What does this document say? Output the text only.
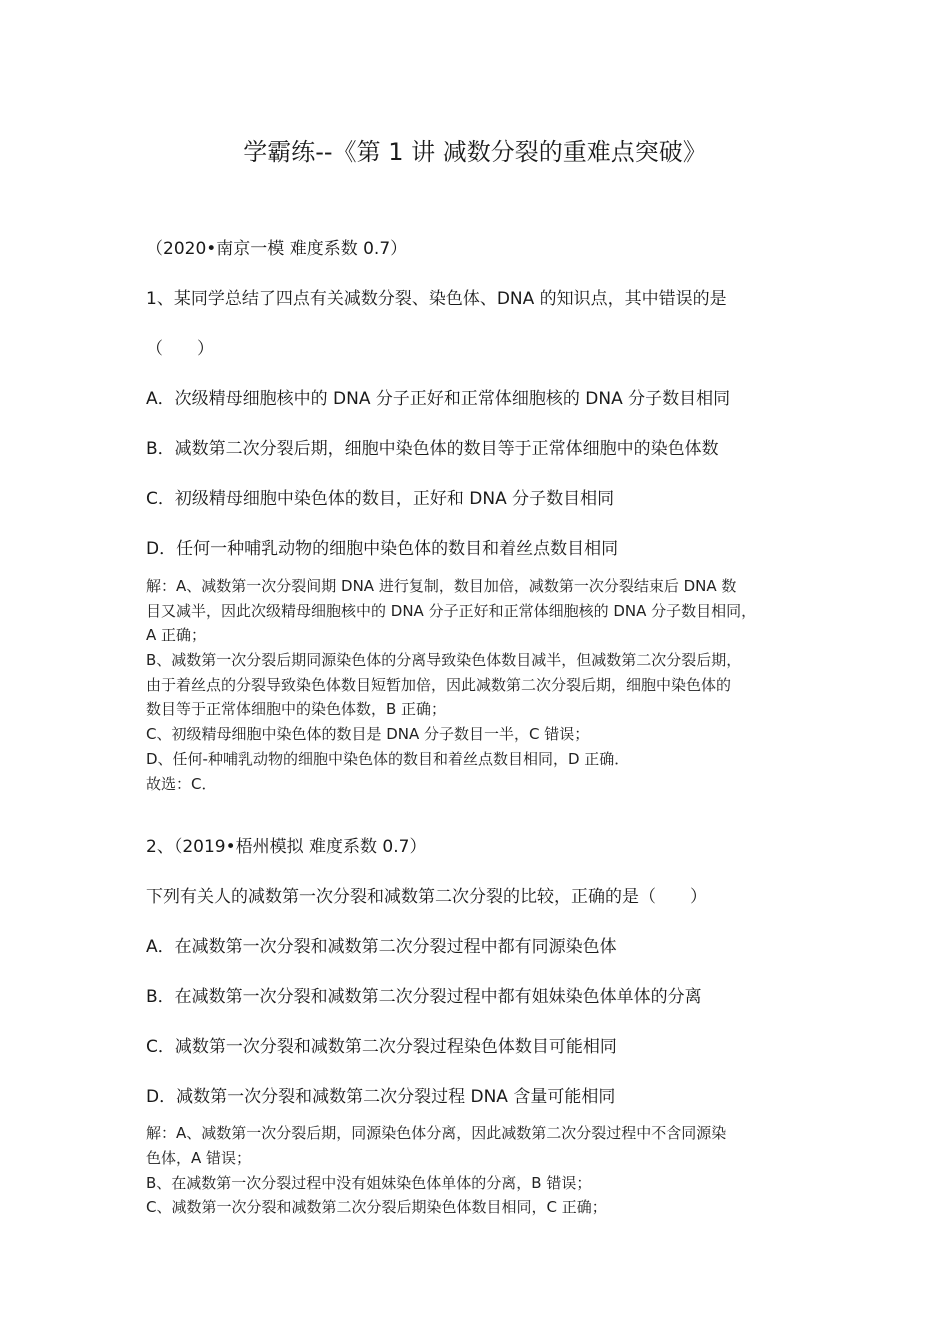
学霸练--《第 1 讲 减数分裂的重难点突破》
（2020•南京一模 难度系数 0.7）
1、某同学总结了四点有关减数分裂、染色体、DNA 的知识点，其中错误的是
（　　）
A．次级精母细胞核中的 DNA 分子正好和正常体细胞核的 DNA 分子数目相同
B．减数第二次分裂后期，细胞中染色体的数目等于正常体细胞中的染色体数
C．初级精母细胞中染色体的数目，正好和 DNA 分子数目相同
D．任何一种哺乳动物的细胞中染色体的数目和着丝点数目相同
解：A、减数第一次分裂间期 DNA 进行复制，数目加倍，减数第一次分裂结束后 DNA 数
目又减半，因此次级精母细胞核中的 DNA 分子正好和正常体细胞核的 DNA 分子数目相同，
A 正确；
B、减数第一次分裂后期同源染色体的分离导致染色体数目减半，但减数第二次分裂后期，
由于着丝点的分裂导致染色体数目短暂加倍，因此减数第二次分裂后期，细胞中染色体的
数目等于正常体细胞中的染色体数，B 正确；
C、初级精母细胞中染色体的数目是 DNA 分子数目一半，C 错误；
D、任何-种哺乳动物的细胞中染色体的数目和着丝点数目相同，D 正确．
故选：C．
2、（2019•梧州模拟 难度系数 0.7）
下列有关人的减数第一次分裂和减数第二次分裂的比较，正确的是（　　）
A．在减数第一次分裂和减数第二次分裂过程中都有同源染色体
B．在减数第一次分裂和减数第二次分裂过程中都有姐妹染色体单体的分离
C．减数第一次分裂和减数第二次分裂过程染色体数目可能相同
D．减数第一次分裂和减数第二次分裂过程 DNA 含量可能相同
解：A、减数第一次分裂后期，同源染色体分离，因此减数第二次分裂过程中不含同源染
色体，A 错误；
B、在减数第一次分裂过程中没有姐妹染色体单体的分离，B 错误；
C、减数第一次分裂和减数第二次分裂后期染色体数目相同，C 正确；
